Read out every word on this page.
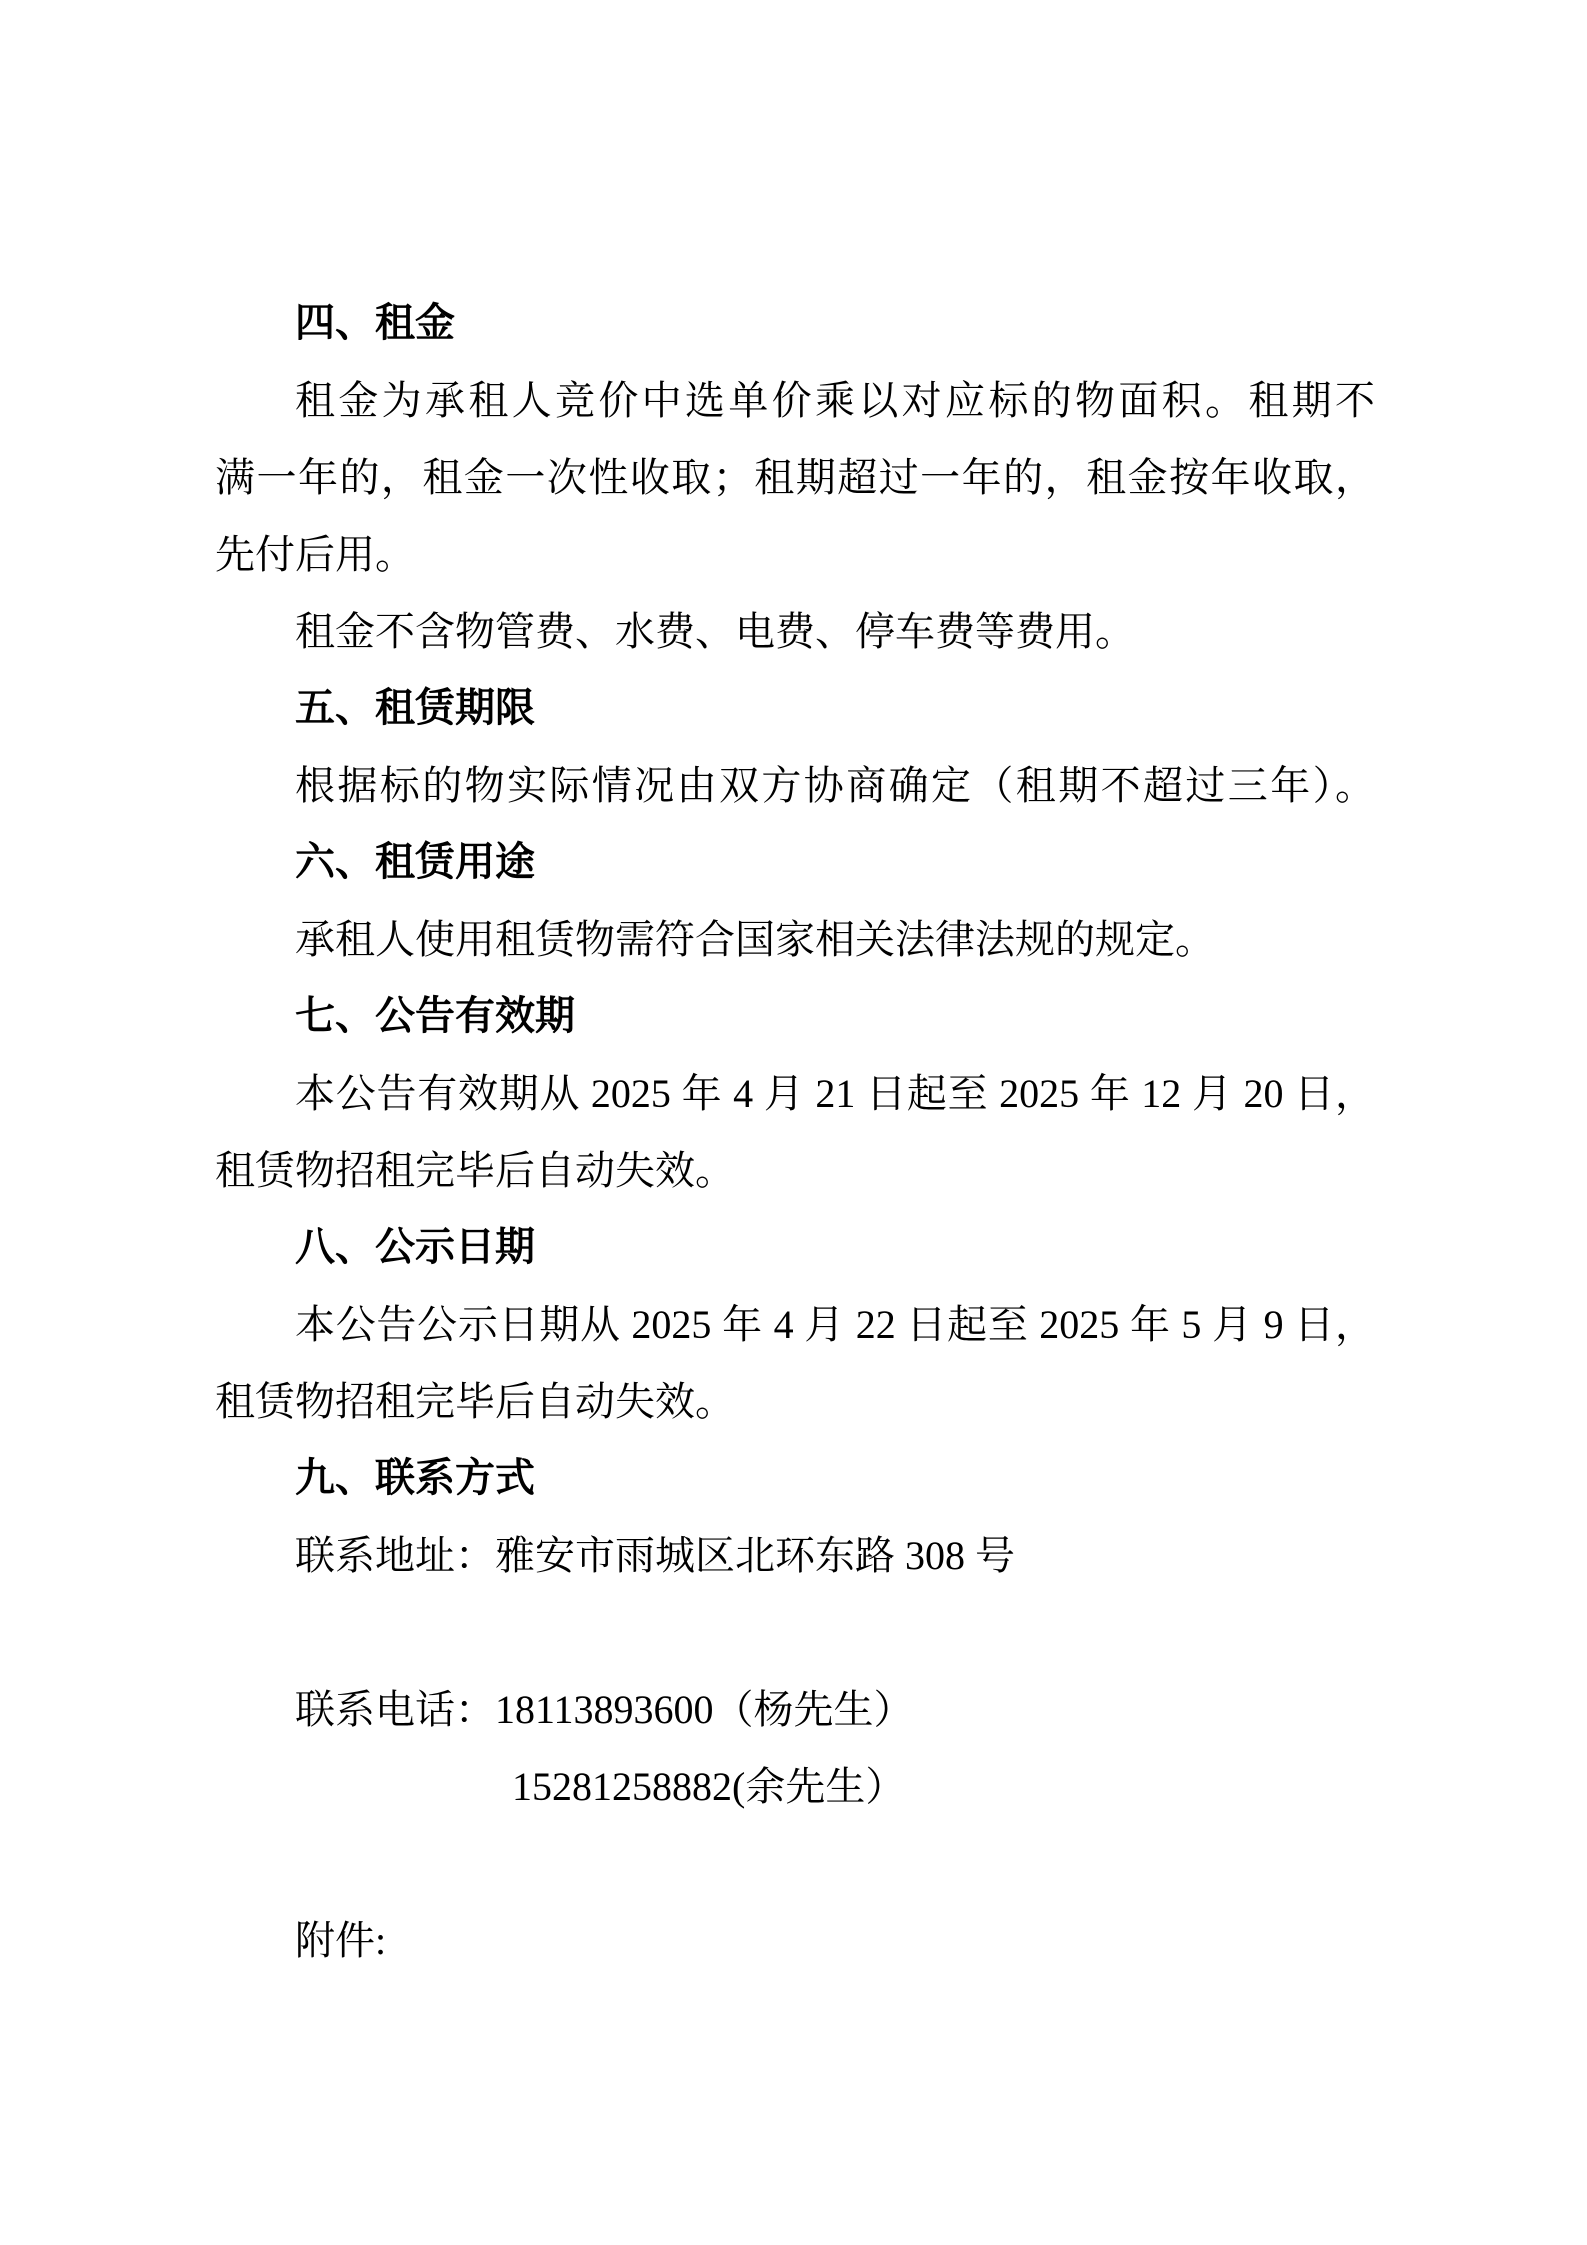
四、租金
租金为承租人竞价中选单价乘以对应标的物面积。租期不
满一年的，租金一次性收取；租期超过一年的，租金按年收取，
先付后用。
租金不含物管费、水费、电费、停车费等费用。
五、租赁期限
根据标的物实际情况由双方协商确定（租期不超过三年）。
六、租赁用途
承租人使用租赁物需符合国家相关法律法规的规定。
七、公告有效期
本公告有效期从 2025 年 4 月 21 日起至 2025 年 12 月 20 日，
租赁物招租完毕后自动失效。
八、公示日期
本公告公示日期从 2025 年 4 月 22 日起至 2025 年 5 月 9 日，
租赁物招租完毕后自动失效。
九、联系方式
联系地址：雅安市雨城区北环东路 308 号
联系电话：18113893600（杨先生）
15281258882(余先生）
附件:
